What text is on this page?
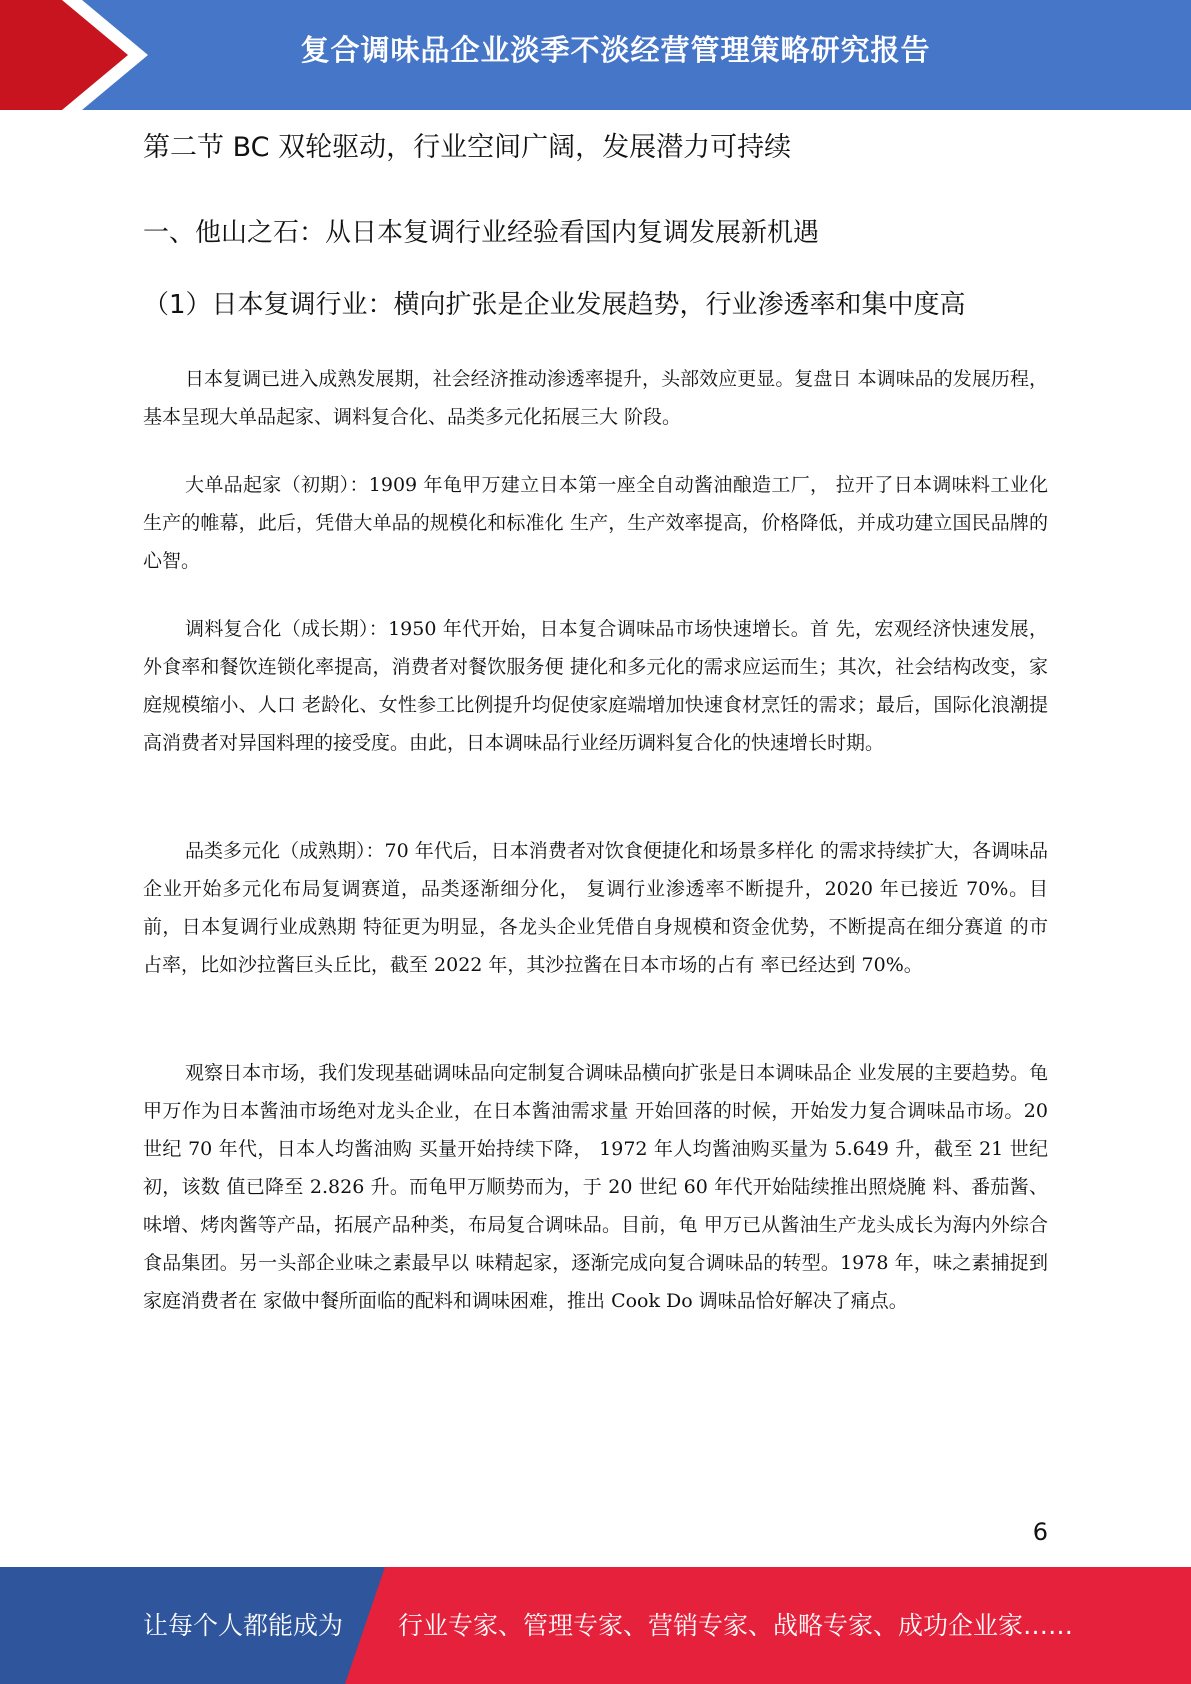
复合调味品企业淡季不淡经营管理策略研究报告
第二节 BC 双轮驱动，行业空间广阔，发展潜力可持续
一、他山之石：从日本复调行业经验看国内复调发展新机遇
（1）日本复调行业：横向扩张是企业发展趋势，行业渗透率和集中度高

日本复调已进入成熟发展期，社会经济推动渗透率提升，头部效应更显。复盘日 本调味品的发展历程，基本呈现大单品起家、调料复合化、品类多元化拓展三大 阶段。

大单品起家（初期）：1909 年龟甲万建立日本第一座全自动酱油酿造工厂， 拉开了日本调味料工业化生产的帷幕，此后，凭借大单品的规模化和标准化 生产，生产效率提高，价格降低，并成功建立国民品牌的心智。

调料复合化（成长期）：1950 年代开始，日本复合调味品市场快速增长。首 先，宏观经济快速发展，外食率和餐饮连锁化率提高，消费者对餐饮服务便 捷化和多元化的需求应运而生；其次，社会结构改变，家庭规模缩小、人口 老龄化、女性参工比例提升均促使家庭端增加快速食材烹饪的需求；最后，国际化浪潮提高消费者对异国料理的接受度。由此，日本调味品行业经历调料复合化的快速增长时期。

品类多元化（成熟期）：70 年代后，日本消费者对饮食便捷化和场景多样化 的需求持续扩大，各调味品企业开始多元化布局复调赛道，品类逐渐细分化， 复调行业渗透率不断提升，2020 年已接近 70%。目前，日本复调行业成熟期 特征更为明显，各龙头企业凭借自身规模和资金优势，不断提高在细分赛道 的市占率，比如沙拉酱巨头丘比，截至 2022 年，其沙拉酱在日本市场的占有 率已经达到 70%。

观察日本市场，我们发现基础调味品向定制复合调味品横向扩张是日本调味品企 业发展的主要趋势。龟甲万作为日本酱油市场绝对龙头企业，在日本酱油需求量 开始回落的时候，开始发力复合调味品市场。20 世纪 70 年代，日本人均酱油购 买量开始持续下降， 1972 年人均酱油购买量为 5.649 升，截至 21 世纪初，该数 值已降至 2.826 升。而龟甲万顺势而为，于 20 世纪 60 年代开始陆续推出照烧腌 料、番茄酱、味增、烤肉酱等产品，拓展产品种类，布局复合调味品。目前，龟 甲万已从酱油生产龙头成长为海内外综合食品集团。另一头部企业味之素最早以 味精起家，逐渐完成向复合调味品的转型。1978 年，味之素捕捉到家庭消费者在 家做中餐所面临的配料和调味困难，推出 Cook Do 调味品恰好解决了痛点。

6
让每个人都能成为 行业专家、管理专家、营销专家、战略专家、成功企业家……
